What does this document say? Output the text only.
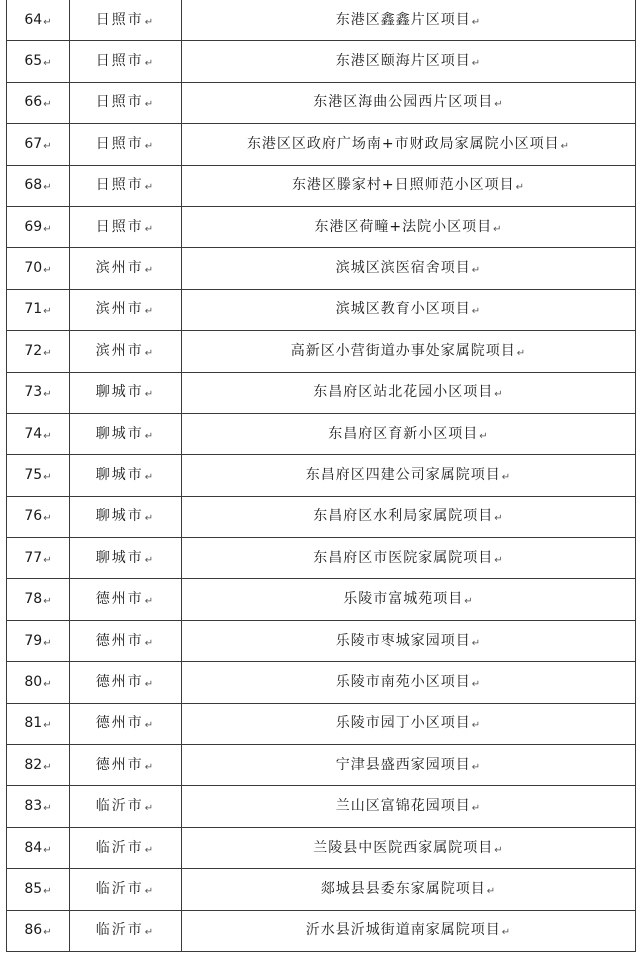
64↵	日照市↵	东港区鑫鑫片区项目↵
65↵	日照市↵	东港区颐海片区项目↵
66↵	日照市↵	东港区海曲公园西片区项目↵
67↵	日照市↵	东港区区政府广场南+市财政局家属院小区项目↵
68↵	日照市↵	东港区滕家村+日照师范小区项目↵
69↵	日照市↵	东港区荷疃+法院小区项目↵
70↵	滨州市↵	滨城区滨医宿舍项目↵
71↵	滨州市↵	滨城区教育小区项目↵
72↵	滨州市↵	高新区小营街道办事处家属院项目↵
73↵	聊城市↵	东昌府区站北花园小区项目↵
74↵	聊城市↵	东昌府区育新小区项目↵
75↵	聊城市↵	东昌府区四建公司家属院项目↵
76↵	聊城市↵	东昌府区水利局家属院项目↵
77↵	聊城市↵	东昌府区市医院家属院项目↵
78↵	德州市↵	乐陵市富城苑项目↵
79↵	德州市↵	乐陵市枣城家园项目↵
80↵	德州市↵	乐陵市南苑小区项目↵
81↵	德州市↵	乐陵市园丁小区项目↵
82↵	德州市↵	宁津县盛西家园项目↵
83↵	临沂市↵	兰山区富锦花园项目↵
84↵	临沂市↵	兰陵县中医院西家属院项目↵
85↵	临沂市↵	郯城县县委东家属院项目↵
86↵	临沂市↵	沂水县沂城街道南家属院项目↵
